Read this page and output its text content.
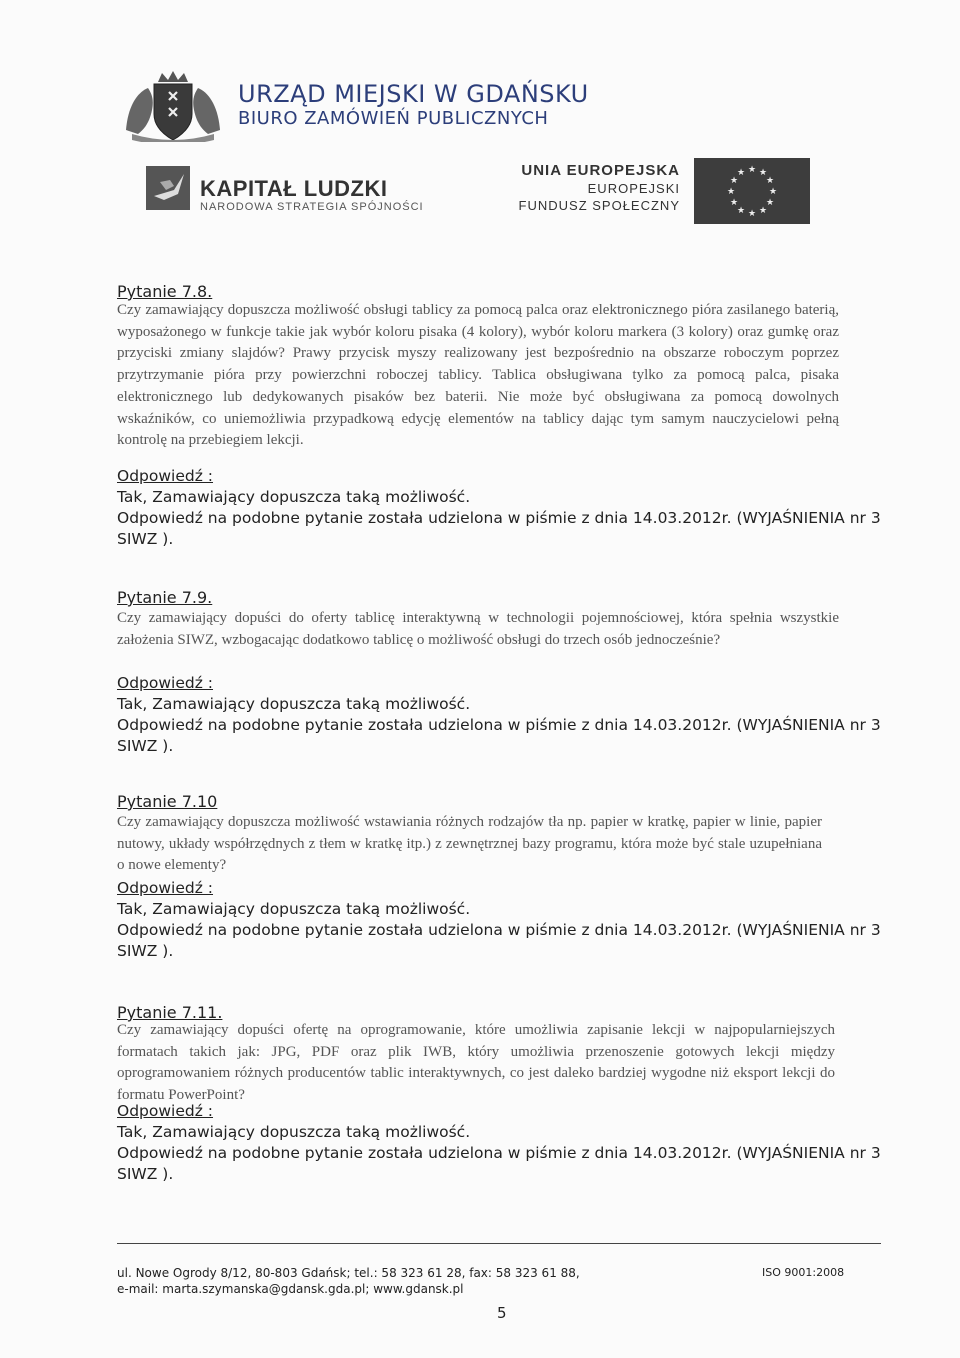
URZĄD MIEJSKI W GDAŃSKU
BIURO ZAMÓWIEŃ PUBLICZNYCH
KAPITAŁ LUDZKI
NARODOWA STRATEGIA SPÓJNOŚCI
UNIA EUROPEJSKA
EUROPEJSKI
FUNDUSZ SPOŁECZNY
★ ★
★
★
★
★
★
★
★
★
★
★
Pytanie 7.8.
Czy zamawiający dopuszcza możliwość obsługi tablicy za pomocą palca oraz elektronicznego pióra zasilanego baterią, wyposażonego w funkcje takie jak wybór koloru pisaka (4 kolory), wybór koloru markera (3 kolory) oraz gumkę oraz przyciski zmiany slajdów? Prawy przycisk myszy realizowany jest bezpośrednio na obszarze roboczym poprzez przytrzymanie pióra przy powierzchni roboczej tablicy. Tablica obsługiwana tylko za pomocą palca, pisaka elektronicznego lub dedykowanych pisaków bez baterii. Nie może być obsługiwana za pomocą dowolnych wskaźników, co uniemożliwia przypadkową edycję elementów na tablicy dając tym samym nauczycielowi pełną kontrolę na przebiegiem lekcji.
Odpowiedź :
Tak, Zamawiający dopuszcza taką możliwość.
Odpowiedź na podobne pytanie została udzielona w piśmie z dnia 14.03.2012r. (WYJAŚNIENIA nr 3 SIWZ ).
Pytanie 7.9.
Czy zamawiający dopuści do oferty tablicę interaktywną w technologii pojemnościowej, która spełnia wszystkie założenia SIWZ, wzbogacając dodatkowo tablicę o możliwość obsługi do trzech osób jednocześnie?
Odpowiedź :
Tak, Zamawiający dopuszcza taką możliwość.
Odpowiedź na podobne pytanie została udzielona w piśmie z dnia 14.03.2012r. (WYJAŚNIENIA nr 3 SIWZ ).
Pytanie 7.10
Czy zamawiający dopuszcza możliwość wstawiania różnych rodzajów tła np. papier w kratkę, papier w linie, papier nutowy, układy współrzędnych z tłem w kratkę itp.) z zewnętrznej bazy programu, która może być stale uzupełniana o nowe elementy?
Odpowiedź :
Tak, Zamawiający dopuszcza taką możliwość.
Odpowiedź na podobne pytanie została udzielona w piśmie z dnia 14.03.2012r. (WYJAŚNIENIA nr 3 SIWZ ).
Pytanie 7.11.
Czy zamawiający dopuści ofertę na oprogramowanie, które umożliwia zapisanie lekcji w najpopularniejszych formatach takich jak: JPG, PDF oraz plik IWB, który umożliwia przenoszenie gotowych lekcji między oprogramowaniem różnych producentów tablic interaktywnych, co jest daleko bardziej wygodne niż eksport lekcji do formatu PowerPoint?
Odpowiedź :
Tak, Zamawiający dopuszcza taką możliwość.
Odpowiedź na podobne pytanie została udzielona w piśmie z dnia 14.03.2012r. (WYJAŚNIENIA nr 3 SIWZ ).
ul. Nowe Ogrody 8/12, 80-803 Gdańsk; tel.: 58 323 61 28, fax: 58 323 61 88,
e-mail: marta.szymanska@gdansk.gda.pl; www.gdansk.pl
ISO 9001:2008
5
